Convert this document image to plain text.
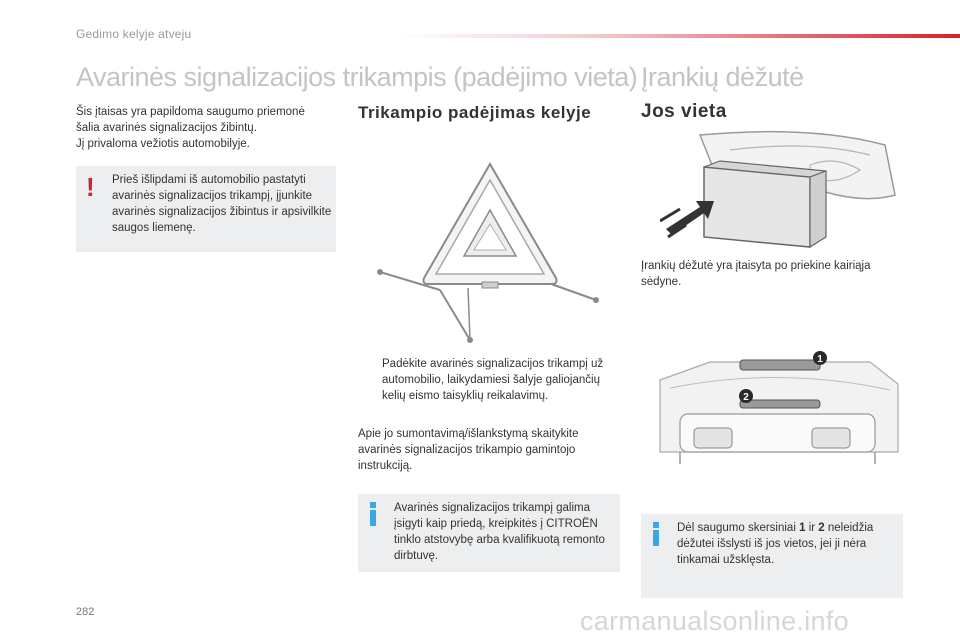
Gedimo kelyje atveju
Avarinės signalizacijos trikampis (padėjimo vieta) Įrankių dėžutė
Šis įtaisas yra papildoma saugumo priemonė
šalia avarinės signalizacijos žibintų.
Jį privaloma vežiotis automobilyje.
! Prieš išlipdami iš automobilio pastatyti avarinės signalizacijos trikampį, įjunkite avarinės signalizacijos žibintus ir apsivilkite saugos liemenę.
Trikampio padėjimas kelyje
Padėkite avarinės signalizacijos trikampį už automobilio, laikydamiesi šalyje galiojančių kelių eismo taisyklių reikalavimų.
Apie jo sumontavimą/išlankstymą skaitykite avarinės signalizacijos trikampio gamintojo instrukciją.
Avarinės signalizacijos trikampį galima įsigyti kaip priedą, kreipkitės į CITROËN tinklo atstovybę arba kvalifikuotą remonto dirbtuvę.
Jos vieta
Įrankių dėžutė yra įtaisyta po priekine kairiąja sėdyne.
1
2
Dėl saugumo skersiniai 1 ir 2 neleidžia dėžutei išslysti iš jos vietos, jei ji nėra tinkamai užsklęsta.
282	carmanualsonline.info
